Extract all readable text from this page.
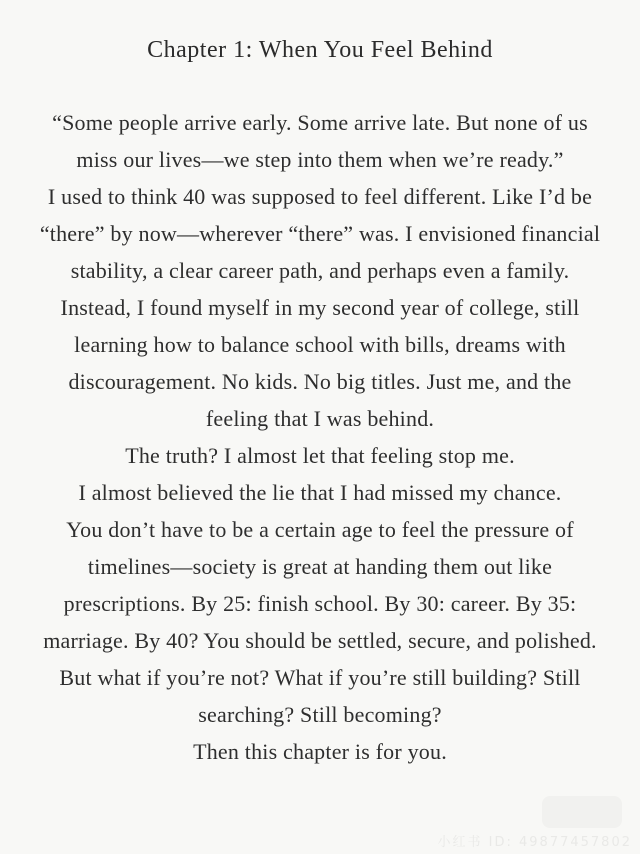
Chapter 1: When You Feel Behind
“Some people arrive early. Some arrive late. But none of us
miss our lives—we step into them when we’re ready.”
I used to think 40 was supposed to feel different. Like I’d be
“there” by now—wherever “there” was. I envisioned financial
stability, a clear career path, and perhaps even a family.
Instead, I found myself in my second year of college, still
learning how to balance school with bills, dreams with
discouragement. No kids. No big titles. Just me, and the
feeling that I was behind.
The truth? I almost let that feeling stop me.
I almost believed the lie that I had missed my chance.
You don’t have to be a certain age to feel the pressure of
timelines—society is great at handing them out like
prescriptions. By 25: finish school. By 30: career. By 35:
marriage. By 40? You should be settled, secure, and polished.
But what if you’re not? What if you’re still building? Still
searching? Still becoming?
Then this chapter is for you.
小红书 ID: 49877457802
